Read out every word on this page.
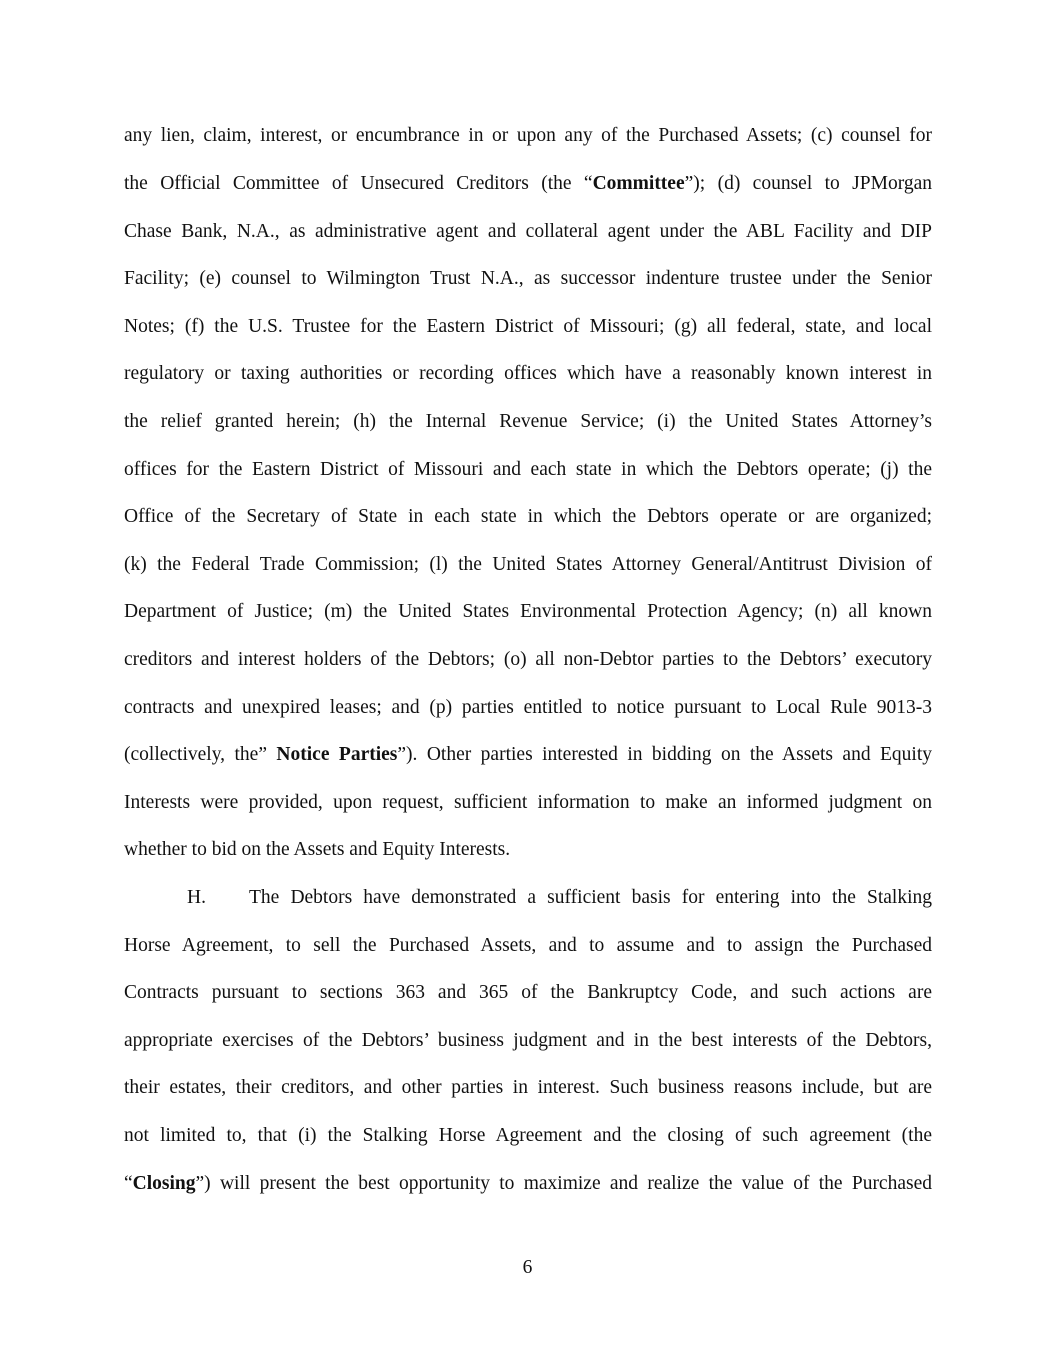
any lien, claim, interest, or encumbrance in or upon any of the Purchased Assets; (c) counsel for
the Official Committee of Unsecured Creditors (the “Committee”); (d) counsel to JPMorgan
Chase Bank, N.A., as administrative agent and collateral agent under the ABL Facility and DIP
Facility; (e) counsel to Wilmington Trust N.A., as successor indenture trustee under the Senior
Notes; (f) the U.S. Trustee for the Eastern District of Missouri; (g) all federal, state, and local
regulatory or taxing authorities or recording offices which have a reasonably known interest in
the relief granted herein; (h) the Internal Revenue Service; (i) the United States Attorney’s
offices for the Eastern District of Missouri and each state in which the Debtors operate; (j) the
Office of the Secretary of State in each state in which the Debtors operate or are organized;
(k) the Federal Trade Commission; (l) the United States Attorney General/Antitrust Division of
Department of Justice; (m) the United States Environmental Protection Agency; (n) all known
creditors and interest holders of the Debtors; (o) all non-Debtor parties to the Debtors’ executory
contracts and unexpired leases; and (p) parties entitled to notice pursuant to Local Rule 9013-3
(collectively, the” Notice Parties”). Other parties interested in bidding on the Assets and Equity
Interests were provided, upon request, sufficient information to make an informed judgment on
whether to bid on the Assets and Equity Interests.
H. The Debtors have demonstrated a sufficient basis for entering into the Stalking
Horse Agreement, to sell the Purchased Assets, and to assume and to assign the Purchased
Contracts pursuant to sections 363 and 365 of the Bankruptcy Code, and such actions are
appropriate exercises of the Debtors’ business judgment and in the best interests of the Debtors,
their estates, their creditors, and other parties in interest. Such business reasons include, but are
not limited to, that (i) the Stalking Horse Agreement and the closing of such agreement (the
“Closing”) will present the best opportunity to maximize and realize the value of the Purchased
6
